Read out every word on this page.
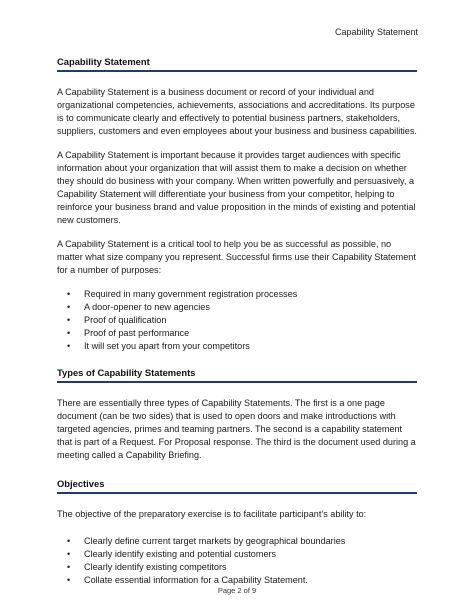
Capability Statement
Capability Statement

A Capability Statement is a business document or record of your individual and organizational competencies, achievements, associations and accreditations. Its purpose is to communicate clearly and effectively to potential business partners, stakeholders, suppliers, customers and even employees about your business and business capabilities.

A Capability Statement is important because it provides target audiences with specific information about your organization that will assist them to make a decision on whether they should do business with your company. When written powerfully and persuasively, a Capability Statement will differentiate your business from your competitor, helping to reinforce your business brand and value proposition in the minds of existing and potential new customers.

A Capability Statement is a critical tool to help you be as successful as possible, no matter what size company you represent. Successful firms use their Capability Statement for a number of purposes:

• Required in many government registration processes
• A door-opener to new agencies
• Proof of qualification
• Proof of past performance
• It will set you apart from your competitors
Types of Capability Statements

There are essentially three types of Capability Statements. The first is a one page document (can be two sides) that is used to open doors and make introductions with targeted agencies, primes and teaming partners. The second is a capability statement that is part of a Request. For Proposal response. The third is the document used during a meeting called a Capability Briefing.

Objectives

The objective of the preparatory exercise is to facilitate participant’s ability to:

• Clearly define current target markets by geographical boundaries
• Clearly identify existing and potential customers
• Clearly identify existing competitors
• Collate essential information for a Capability Statement.
Page 2 of 9
